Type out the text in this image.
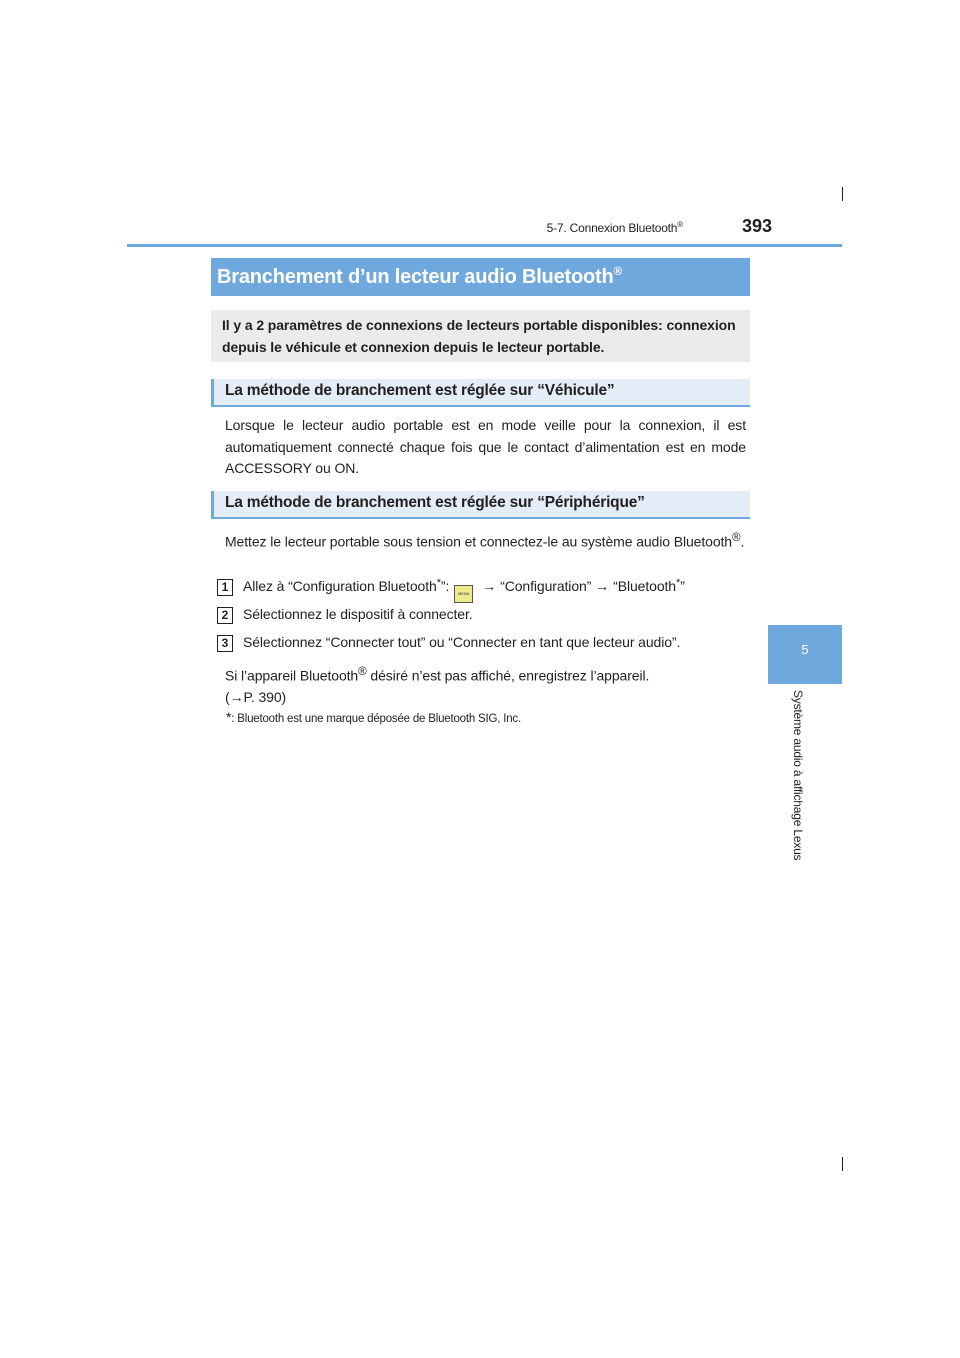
5-7. Connexion Bluetooth®	393
5
Système audio à affichage Lexus
Branchement d’un lecteur audio Bluetooth®

Il y a 2 paramètres de connexions de lecteurs portable disponibles: connexion depuis le véhicule et connexion depuis le lecteur portable.

La méthode de branchement est réglée sur “Véhicule”
Lorsque le lecteur audio portable est en mode veille pour la connexion, il est automatiquement connecté chaque fois que le contact d’alimentation est en mode ACCESSORY ou ON.
La méthode de branchement est réglée sur “Périphérique”
Mettez le lecteur portable sous tension et connectez-le au système audio Bluetooth®.
1	Allez à “Configuration Bluetooth*”:	MENU → “Configuration” → “Bluetooth*”
2	Sélectionnez le dispositif à connecter.
3	Sélectionnez “Connecter tout” ou “Connecter en tant que lecteur audio”.
Si l’appareil Bluetooth® désiré n’est pas affiché, enregistrez l’appareil.
(→P. 390)
*: Bluetooth est une marque déposée de Bluetooth SIG, Inc.
